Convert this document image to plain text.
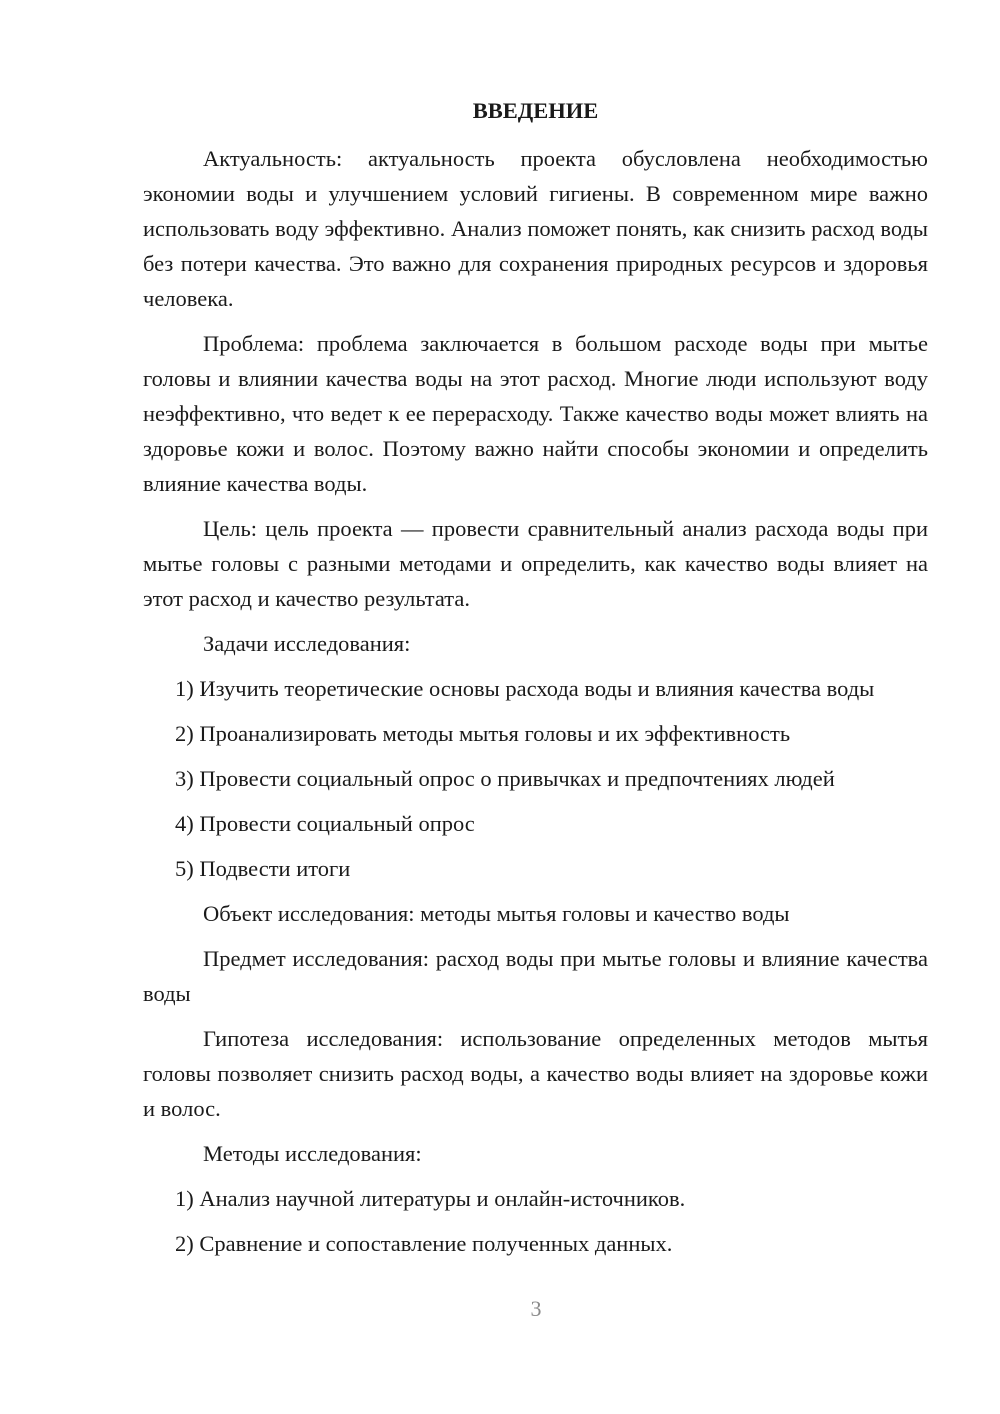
ВВЕДЕНИЕ

Актуальность: актуальность проекта обусловлена необходимостью экономии воды и улучшением условий гигиены. В современном мире важно использовать воду эффективно. Анализ поможет понять, как снизить расход воды без потери качества. Это важно для сохранения природных ресурсов и здоровья человека.

Проблема: проблема заключается в большом расходе воды при мытье головы и влиянии качества воды на этот расход. Многие люди используют воду неэффективно, что ведет к ее перерасходу. Также качество воды может влиять на здоровье кожи и волос. Поэтому важно найти способы экономии и определить влияние качества воды.

Цель: цель проекта — провести сравнительный анализ расхода воды при мытье головы с разными методами и определить, как качество воды влияет на этот расход и качество результата.

Задачи исследования:

1) Изучить теоретические основы расхода воды и влияния качества воды

2) Проанализировать методы мытья головы и их эффективность

3) Провести социальный опрос о привычках и предпочтениях людей

4) Провести социальный опрос

5) Подвести итоги

Объект исследования: методы мытья головы и качество воды

Предмет исследования: расход воды при мытье головы и влияние качества воды

Гипотеза исследования: использование определенных методов мытья головы позволяет снизить расход воды, а качество воды влияет на здоровье кожи и волос.

Методы исследования:

1) Анализ научной литературы и онлайн-источников.

2) Сравнение и сопоставление полученных данных.

3
